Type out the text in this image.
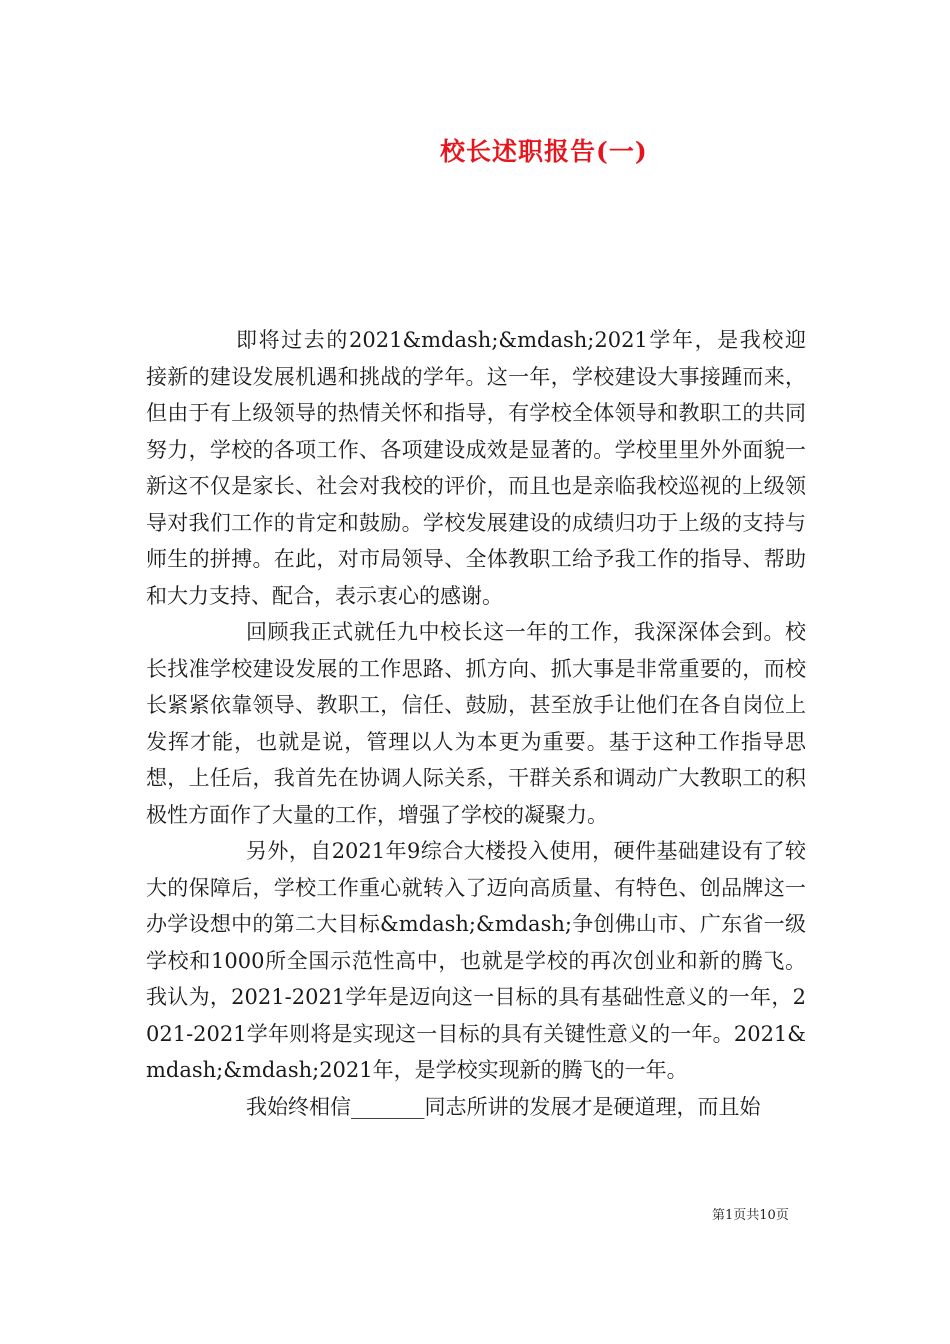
校长述职报告(一)

即将过去的2021&mdash;&mdash;2021学年，是我校迎接新的建设发展机遇和挑战的学年。这一年，学校建设大事接踵而来，但由于有上级领导的热情关怀和指导，有学校全体领导和教职工的共同努力，学校的各项工作、各项建设成效是显著的。学校里里外外面貌一新这不仅是家长、社会对我校的评价，而且也是亲临我校巡视的上级领导对我们工作的肯定和鼓励。学校发展建设的成绩归功于上级的支持与师生的拼搏。在此，对市局领导、全体教职工给予我工作的指导、帮助和大力支持、配合，表示衷心的感谢。

回顾我正式就任九中校长这一年的工作，我深深体会到。校长找准学校建设发展的工作思路、抓方向、抓大事是非常重要的，而校长紧紧依靠领导、教职工，信任、鼓励，甚至放手让他们在各自岗位上发挥才能，也就是说，管理以人为本更为重要。基于这种工作指导思想，上任后，我首先在协调人际关系，干群关系和调动广大教职工的积极性方面作了大量的工作，增强了学校的凝聚力。

另外，自2021年9综合大楼投入使用，硬件基础建设有了较大的保障后，学校工作重心就转入了迈向高质量、有特色、创品牌这一办学设想中的第二大目标&mdash;&mdash;争创佛山市、广东省一级学校和1000所全国示范性高中，也就是学校的再次创业和新的腾飞。我认为，2021-2021学年是迈向这一目标的具有基础性意义的一年，2021-2021学年则将是实现这一目标的具有关键性意义的一年。2021&mdash;&mdash;2021年，是学校实现新的腾飞的一年。

我始终相信_______同志所讲的发展才是硬道理，而且始

第1页共10页
